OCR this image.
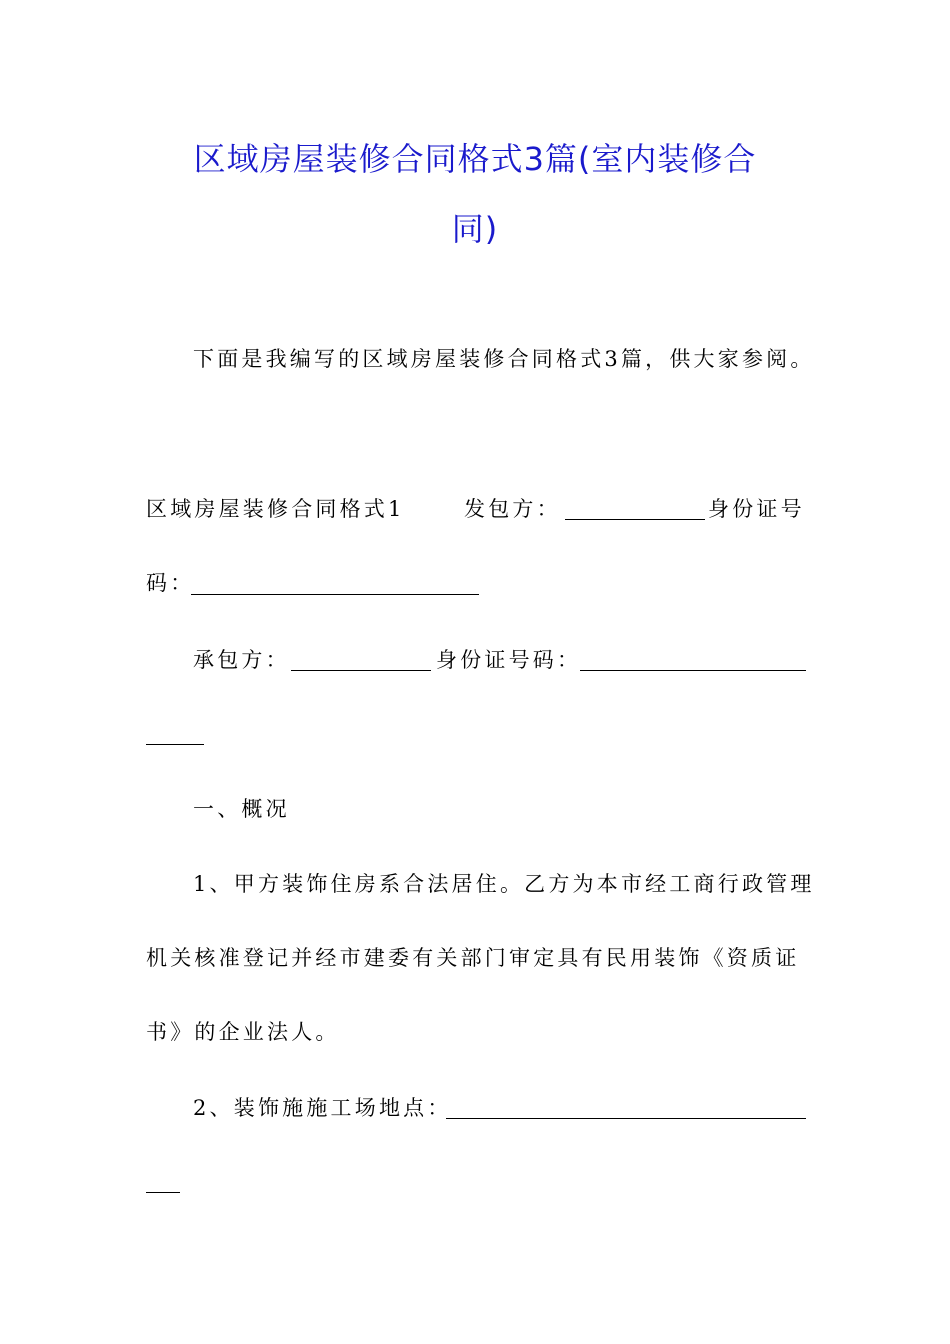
区域房屋装修合同格式3篇(室内装修合
同)
下面是我编写的区域房屋装修合同格式3篇，供大家参阅。
区域房屋装修合同格式1	发包方：	身份证号
码：
承包方：	身份证号码：
一、概况
1、甲方装饰住房系合法居住。乙方为本市经工商行政管理
机关核准登记并经市建委有关部门审定具有民用装饰《资质证
书》的企业法人。
2、装饰施施工场地点：
